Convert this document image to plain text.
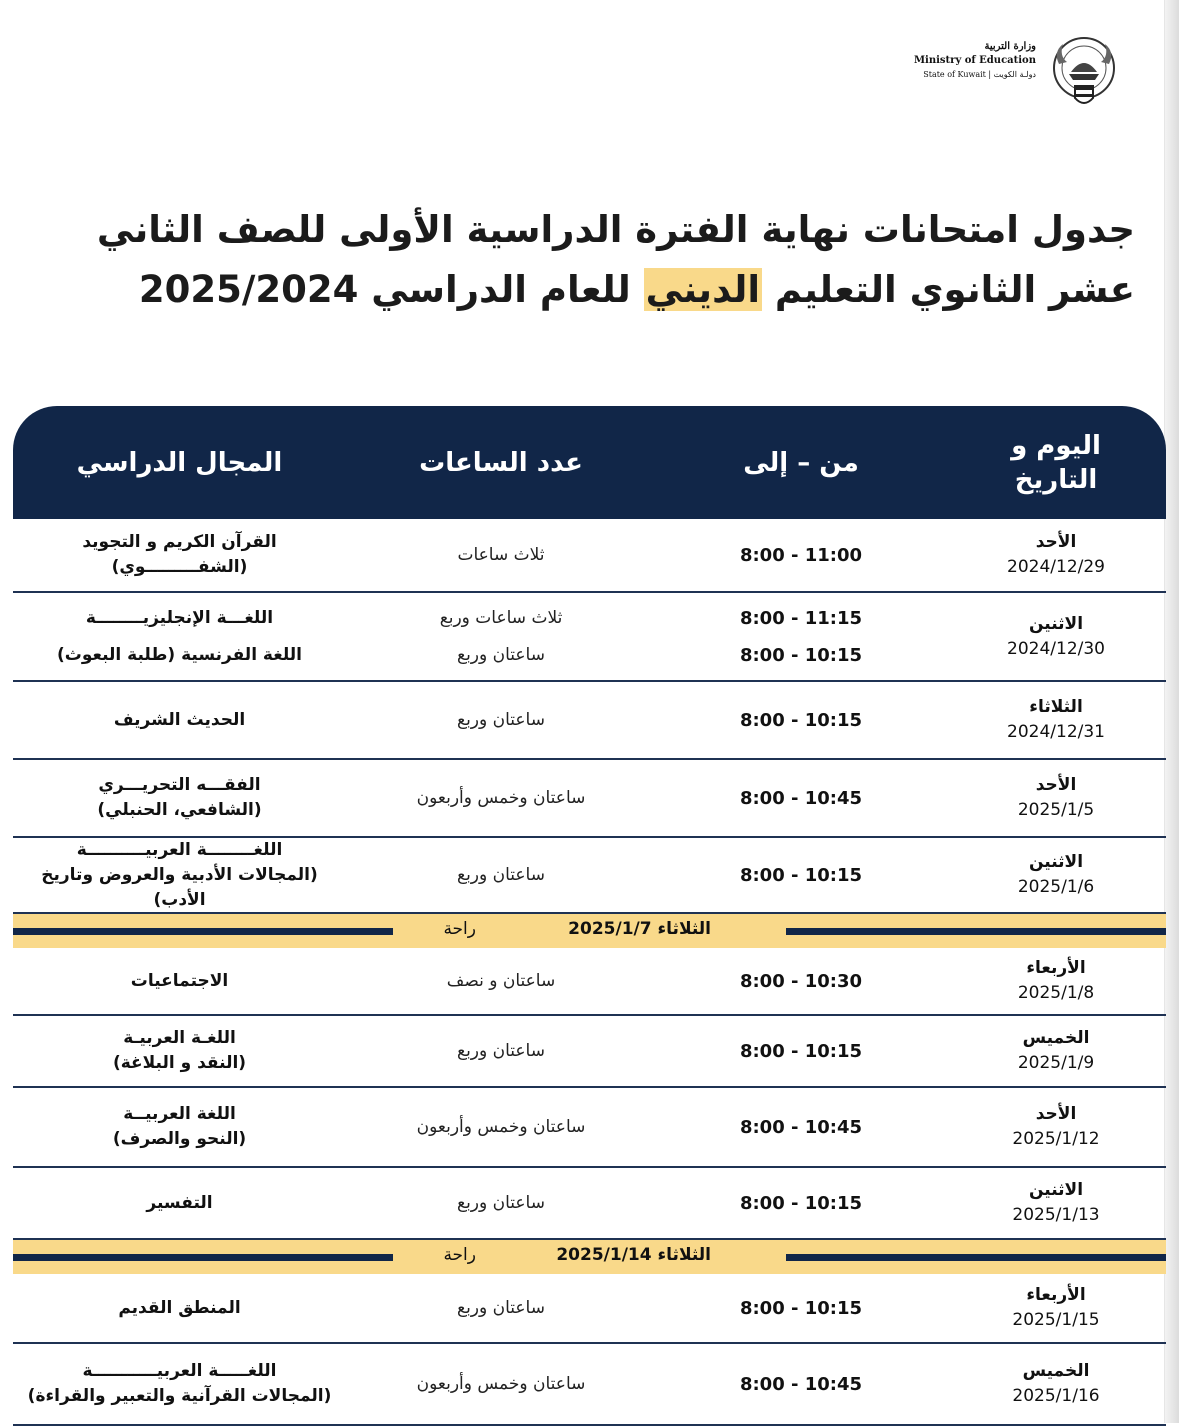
وزارة التربية
Ministry of Education
State of Kuwait | دولـة الكويت
جدول امتحانات نهاية الفترة الدراسية الأولى للصف الثاني
عشر الثانوي التعليم الديني للعام الدراسي 2025/2024
اليوم و
التاريخ
من – إلى
عدد الساعات
المجال الدراسي
الأحد
2024/12/29
11:00 - 8:00
ثلاث ساعات
القرآن الكريم و التجويد
(الشفـــــــــوي)
الاثنين
2024/12/30
11:15 - 8:00
10:15 - 8:00
ثلاث ساعات وربع
ساعتان وربع
اللغـــة الإنجليزيــــــــة
اللغة الفرنسية (طلبة البعوث)
الثلاثاء
2024/12/31
10:15 - 8:00
ساعتان وربع
الحديث الشريف
الأحد
2025/1/5
10:45 - 8:00
ساعتان وخمس وأربعون
الفقـــه التحريـــري
(الشافعي، الحنبلي)
الاثنين
2025/1/6
10:15 - 8:00
ساعتان وربع
اللغــــــــة العربيــــــــــة
(المجالات الأدبية والعروض وتاريخ الأدب)
الثلاثاء 2025/1/7
راحة
الأربعاء
2025/1/8
10:30 - 8:00
ساعتان و نصف
الاجتماعيات
الخميس
2025/1/9
10:15 - 8:00
ساعتان وربع
اللغـة العربيـة
(النقد و البلاغة)
الأحد
2025/1/12
10:45 - 8:00
ساعتان وخمس وأربعون
اللغة العربيــة
(النحو والصرف)
الاثنين
2025/1/13
10:15 - 8:00
ساعتان وربع
التفسير
الثلاثاء 2025/1/14
راحة
الأربعاء
2025/1/15
10:15 - 8:00
ساعتان وربع
المنطق القديم
الخميس
2025/1/16
10:45 - 8:00
ساعتان وخمس وأربعون
اللغـــــة العربيـــــــــــة
(المجالات القرآنية والتعبير والقراءة)
